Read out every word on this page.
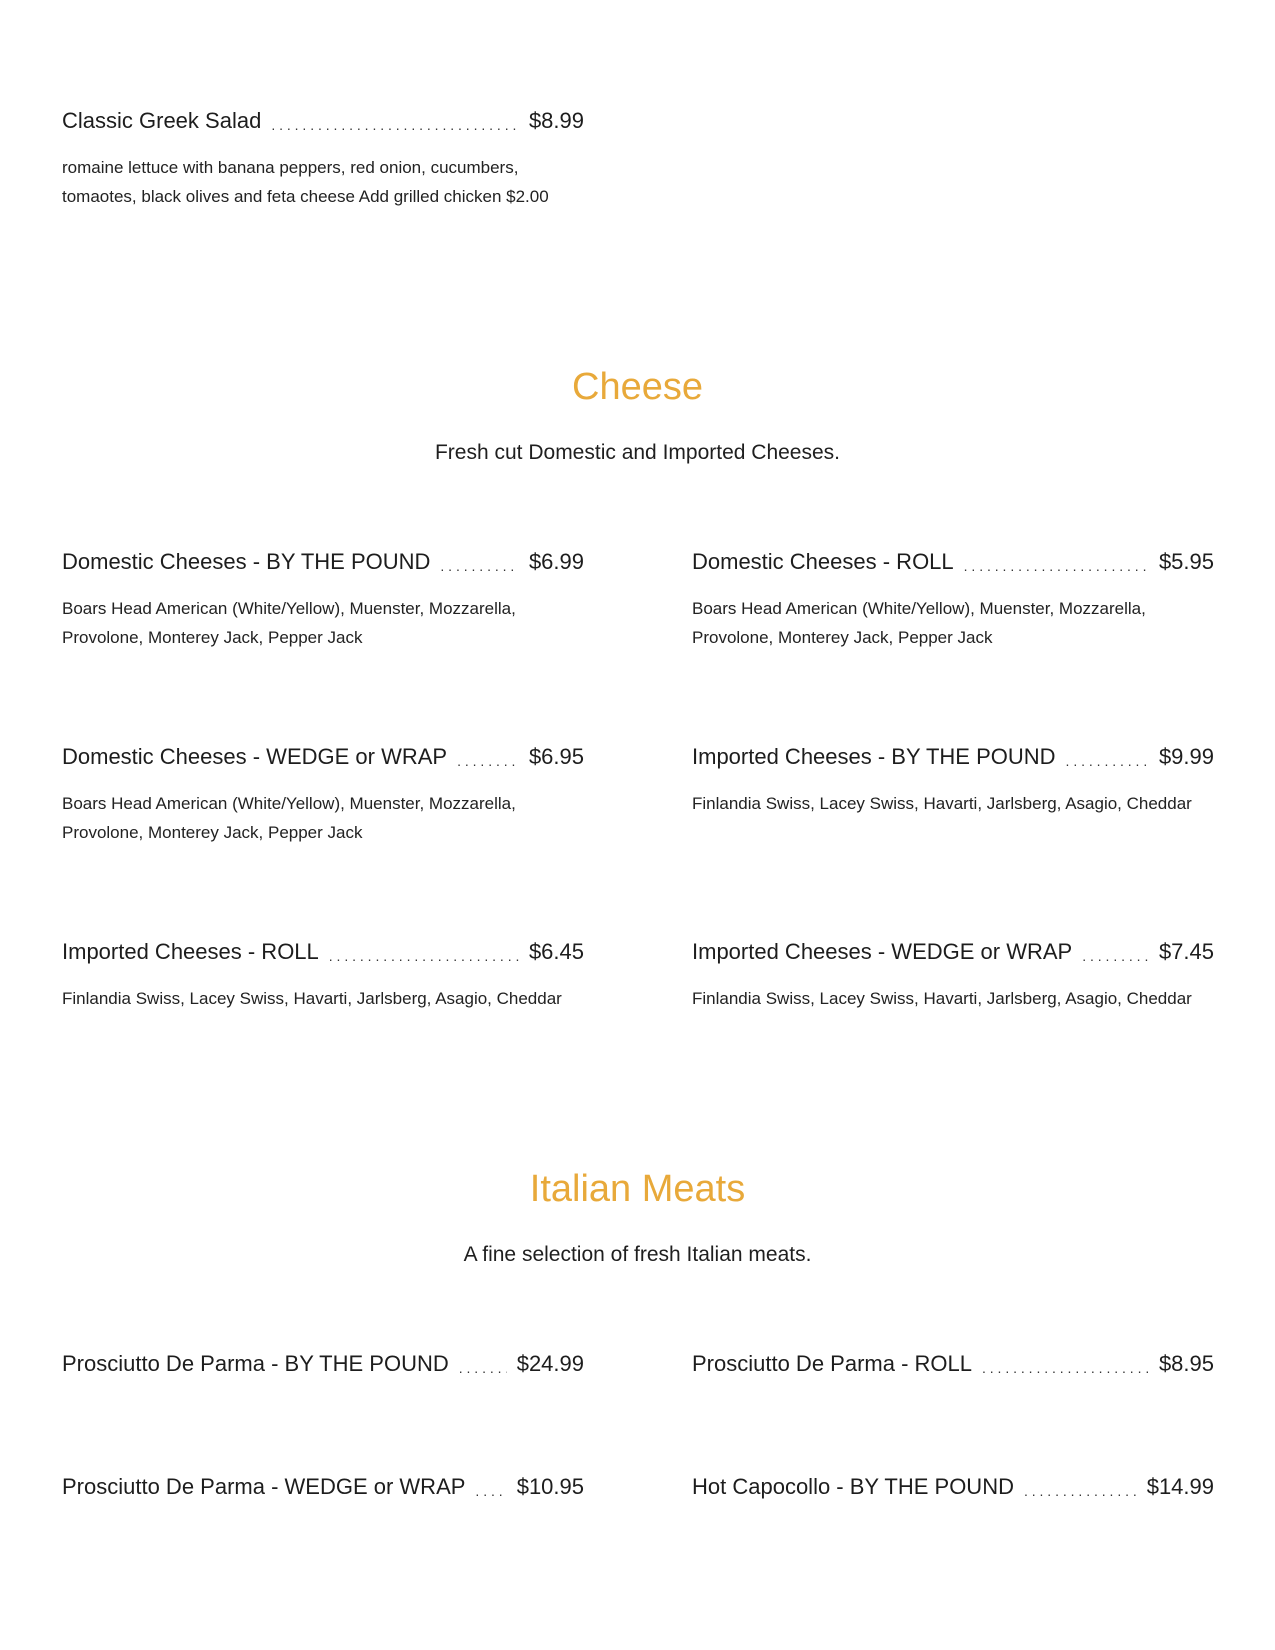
Classic Greek Salad . . .	$8.99
romaine lettuce with banana peppers, red onion, cucumbers, tomaotes, black olives and feta cheese Add grilled chicken $2.00
Cheese

Fresh cut Domestic and Imported Cheeses.

Domestic Cheeses - BY THE POUND . . .	$6.99
Boars Head American (White/Yellow), Muenster, Mozzarella, Provolone, Monterey Jack, Pepper Jack
Domestic Cheeses - ROLL . . .	$5.95
Boars Head American (White/Yellow), Muenster, Mozzarella, Provolone, Monterey Jack, Pepper Jack
Domestic Cheeses - WEDGE or WRAP . . .	$6.95
Boars Head American (White/Yellow), Muenster, Mozzarella, Provolone, Monterey Jack, Pepper Jack
Imported Cheeses - BY THE POUND . . .	$9.99
Finlandia Swiss, Lacey Swiss, Havarti, Jarlsberg, Asagio, Cheddar
Imported Cheeses - ROLL . . .	$6.45
Finlandia Swiss, Lacey Swiss, Havarti, Jarlsberg, Asagio, Cheddar
Imported Cheeses - WEDGE or WRAP . . .	$7.45
Finlandia Swiss, Lacey Swiss, Havarti, Jarlsberg, Asagio, Cheddar
Italian Meats

A fine selection of fresh Italian meats.

Prosciutto De Parma - BY THE POUND . . .	$24.99	Prosciutto De Parma - ROLL . . .	$8.95
Prosciutto De Parma - WEDGE or WRAP . . . $10.95	Hot Capocollo - BY THE POUND . . .	$14.99
